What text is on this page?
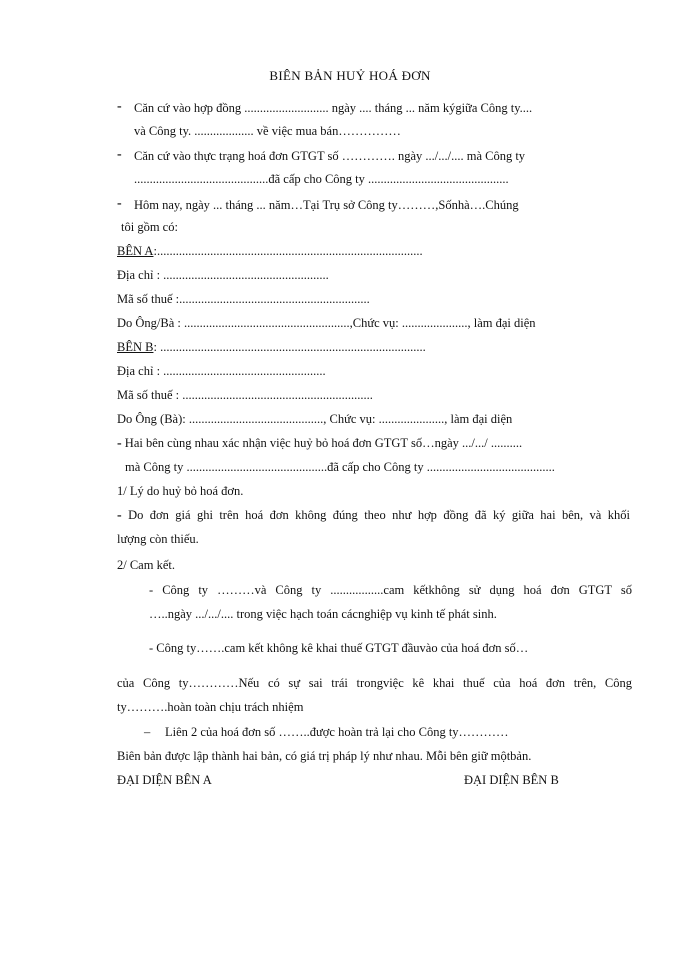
BIÊN BẢN HUỶ HOÁ ĐƠN
- Căn cứ vào hợp đồng ........................... ngày .... tháng ... năm kýgiữa Công ty....
và Công ty. ................... về việc mua bán……………
- Căn cứ vào thực trạng hoá đơn GTGT số …………. ngày .../.../.... mà Công ty
...........................................đã cấp cho Công ty .............................................
- Hôm nay, ngày ... tháng ... năm…Tại Trụ sở Công ty………,Sốnhà….Chúng
tôi gồm có:
BÊN A:.....................................................................................
Địa chỉ : .....................................................
Mã số thuế :.............................................................
Do Ông/Bà : .....................................................,Chức vụ: ....................., làm đại diện
BÊN B: .....................................................................................
Địa chỉ : ....................................................
Mã số thuế : .............................................................
Do Ông (Bà): ..........................................., Chức vụ: ....................., làm đại diện
- Hai bên cùng nhau xác nhận việc huỷ bỏ hoá đơn GTGT số…ngày .../.../ ..........
mà Công ty .............................................đã cấp cho Công ty .........................................
1/ Lý do huỷ bỏ hoá đơn.
- Do đơn giá ghi trên hoá đơn không đúng theo như hợp đồng đã ký giữa hai bên, và khối
lượng còn thiếu.
2/ Cam kết.
- Công ty ………và Công ty .................cam kếtkhông sử dụng hoá đơn GTGT số
…..ngày .../.../.... trong việc hạch toán cácnghiệp vụ kinh tế phát sinh.
- Công ty…….cam kết không kê khai thuế GTGT đầuvào của hoá đơn số…
của Công ty…………Nếu có sự sai trái trongviệc kê khai thuế của hoá đơn trên, Công
ty……….hoàn toàn chịu trách nhiệm
– Liên 2 của hoá đơn số ……..được hoàn trả lại cho Công ty…………
Biên bản được lập thành hai bản, có giá trị pháp lý như nhau. Mỗi bên giữ mộtbản.
ĐẠI DIỆN BÊN A	ĐẠI DIỆN BÊN B
